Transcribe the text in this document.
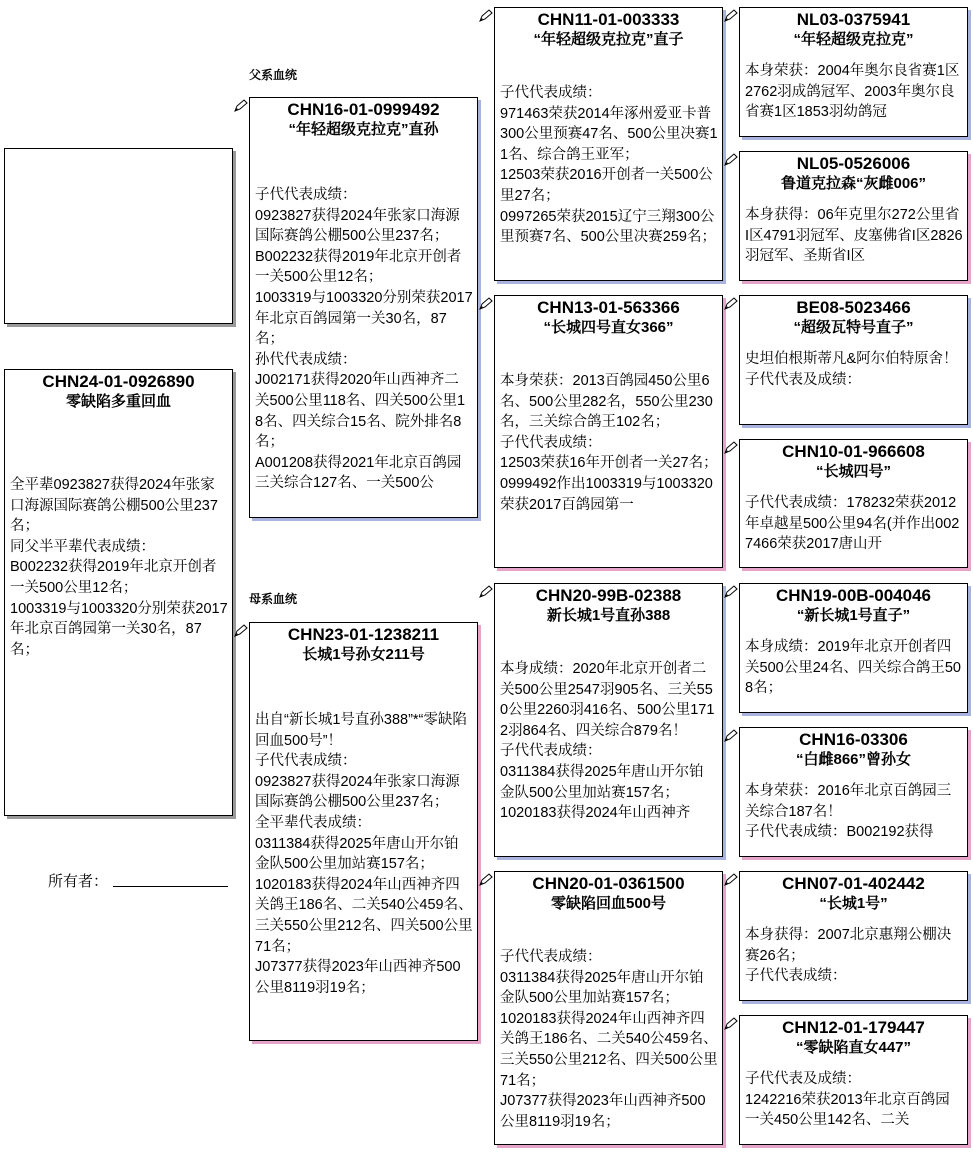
CHN24-01-0926890
零缺陷多重回血
全平辈0923827获得2024年张家口海源国际赛鸽公棚500公里237名；
同父半平辈代表成绩：
B002232获得2019年北京开创者一关500公里12名；
1003319与1003320分别荣获2017年北京百鸽园第一关30名，87名；
所有者：
父系血统
母系血统
CHN16-01-0999492
“年轻超级克拉克”直孙
子代代表成绩：
0923827获得2024年张家口海源国际赛鸽公棚500公里237名；
B002232获得2019年北京开创者一关500公里12名；
1003319与1003320分别荣获2017年北京百鸽园第一关30名，87名；
孙代代表成绩：
J002171获得2020年山西神齐二关500公里118名、四关500公里18名、四关综合15名、院外排名8名；
A001208获得2021年北京百鸽园三关综合127名、一关500公
CHN23-01-1238211
长城1号孙女211号
出自“新长城1号直孙388”*“零缺陷回血500号”！
子代代表成绩：
0923827获得2024年张家口海源国际赛鸽公棚500公里237名；
全平辈代表成绩：
0311384获得2025年唐山开尔铂金队500公里加站赛157名；
1020183获得2024年山西神齐四关鸽王186名、二关540公459名、三关550公里212名、四关500公里71名；
J07377获得2023年山西神齐500公里8119羽19名；
CHN11-01-003333
“年轻超级克拉克”直子
子代代表成绩：
971463荣获2014年涿州爱亚卡普300公里预赛47名、500公里决赛11名、综合鸽王亚军；
12503荣获2016开创者一关500公里27名；
0997265荣获2015辽宁三翔300公里预赛7名、500公里决赛259名；
CHN13-01-563366
“长城四号直女366”
本身荣获：2013百鸽园450公里6名、500公里282名，550公里230名，三关综合鸽王102名；
子代代表成绩：
12503荣获16年开创者一关27名；
0999492作出1003319与1003320荣获2017百鸽园第一
CHN20-99B-02388
新长城1号直孙388
本身成绩：2020年北京开创者二关500公里2547羽905名、三关550公里2260羽416名、500公里1712羽864名、四关综合879名！
子代代表成绩：
0311384获得2025年唐山开尔铂金队500公里加站赛157名；
1020183获得2024年山西神齐
CHN20-01-0361500
零缺陷回血500号
子代代表成绩：
0311384获得2025年唐山开尔铂金队500公里加站赛157名；
1020183获得2024年山西神齐四关鸽王186名、二关540公459名、三关550公里212名、四关500公里71名；
J07377获得2023年山西神齐500公里8119羽19名；
NL03-0375941
“年轻超级克拉克”
本身荣获：2004年奥尔良省赛1区2762羽成鸽冠军、2003年奥尔良省赛1区1853羽幼鸽冠
NL05-0526006
鲁道克拉森“灰雌006”
本身获得：06年克里尔272公里省I区4791羽冠军、皮塞佛省I区2826羽冠军、圣斯省I区
BE08-5023466
“超级瓦特号直子”
史坦伯根斯蒂凡&阿尔伯特原舍！
子代代表及成绩：
CHN10-01-966608
“长城四号”
子代代表成绩：178232荣获2012年卓越星500公里94名(并作出0027466荣获2017唐山开
CHN19-00B-004046
“新长城1号直子”
本身成绩：2019年北京开创者四关500公里24名、四关综合鸽王508名；
CHN16-03306
“白雌866”曾孙女
本身荣获：2016年北京百鸽园三关综合187名！
子代代表成绩：B002192获得
CHN07-01-402442
“长城1号”
本身获得：2007北京惠翔公棚决赛26名；
子代代表成绩：
CHN12-01-179447
“零缺陷直女447”
子代代表及成绩：
1242216荣获2013年北京百鸽园一关450公里142名、二关
